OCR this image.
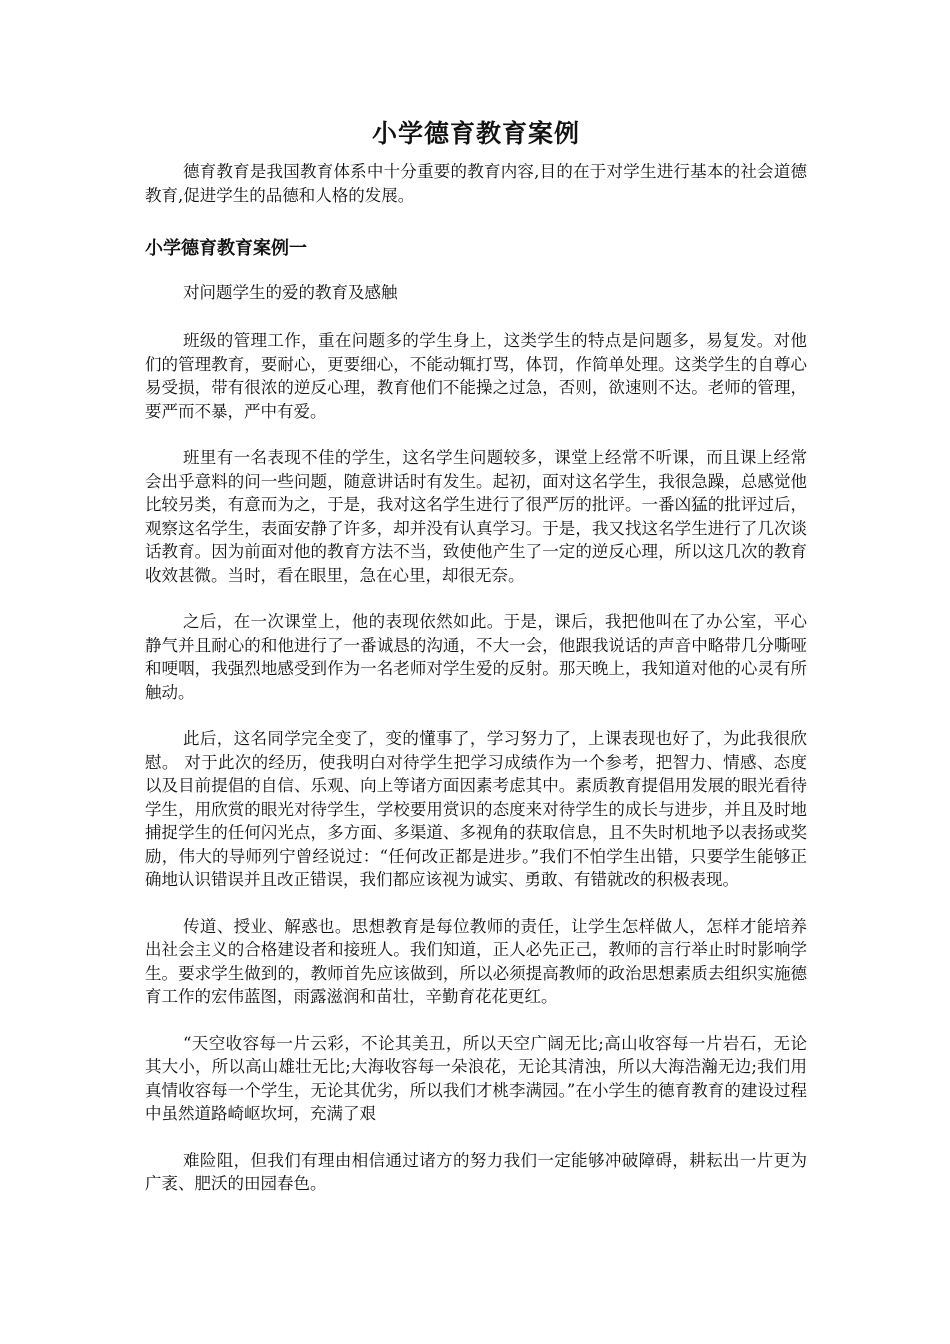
小学德育教育案例

德育教育是我国教育体系中十分重要的教育内容,目的在于对学生进行基本的社会道德教育,促进学生的品德和人格的发展。

小学德育教育案例一

对问题学生的爱的教育及感触

班级的管理工作，重在问题多的学生身上，这类学生的特点是问题多，易复发。对他们的管理教育，要耐心，更要细心，不能动辄打骂，体罚，作简单处理。这类学生的自尊心易受损，带有很浓的逆反心理，教育他们不能操之过急，否则，欲速则不达。老师的管理，要严而不暴，严中有爱。

班里有一名表现不佳的学生，这名学生问题较多，课堂上经常不听课，而且课上经常会出乎意料的问一些问题，随意讲话时有发生。起初，面对这名学生，我很急躁，总感觉他比较另类，有意而为之，于是，我对这名学生进行了很严厉的批评。一番凶猛的批评过后，观察这名学生，表面安静了许多，却并没有认真学习。于是，我又找这名学生进行了几次谈话教育。因为前面对他的教育方法不当，致使他产生了一定的逆反心理，所以这几次的教育收效甚微。当时，看在眼里，急在心里，却很无奈。

之后，在一次课堂上，他的表现依然如此。于是，课后，我把他叫在了办公室，平心静气并且耐心的和他进行了一番诚恳的沟通，不大一会，他跟我说话的声音中略带几分嘶哑和哽咽，我强烈地感受到作为一名老师对学生爱的反射。那天晚上，我知道对他的心灵有所触动。

此后，这名同学完全变了，变的懂事了，学习努力了，上课表现也好了，为此我很欣慰。 对于此次的经历，使我明白对待学生把学习成绩作为一个参考，把智力、情感、态度以及目前提倡的自信、乐观、向上等诸方面因素考虑其中。素质教育提倡用发展的眼光看待学生，用欣赏的眼光对待学生，学校要用赏识的态度来对待学生的成长与进步，并且及时地捕捉学生的任何闪光点，多方面、多渠道、多视角的获取信息，且不失时机地予以表扬或奖励，伟大的导师列宁曾经说过：“任何改正都是进步。”我们不怕学生出错，只要学生能够正确地认识错误并且改正错误，我们都应该视为诚实、勇敢、有错就改的积极表现。

传道、授业、解惑也。思想教育是每位教师的责任，让学生怎样做人，怎样才能培养出社会主义的合格建设者和接班人。我们知道，正人必先正己，教师的言行举止时时影响学生。要求学生做到的，教师首先应该做到，所以必须提高教师的政治思想素质去组织实施德育工作的宏伟蓝图，雨露滋润和苗壮，辛勤育花花更红。

“天空收容每一片云彩，不论其美丑，所以天空广阔无比;高山收容每一片岩石，无论其大小，所以高山雄壮无比;大海收容每一朵浪花，无论其清浊，所以大海浩瀚无边;我们用真情收容每一个学生，无论其优劣，所以我们才桃李满园。”在小学生的德育教育的建设过程中虽然道路崎岖坎坷，充满了艰

难险阻，但我们有理由相信通过诸方的努力我们一定能够冲破障碍，耕耘出一片更为广袤、肥沃的田园春色。
